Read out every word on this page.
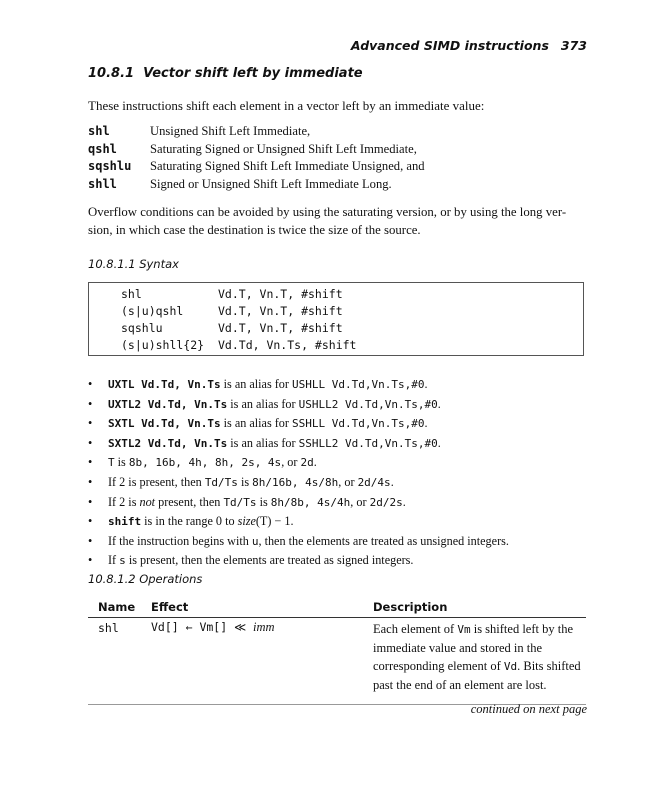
Advanced SIMD instructions 373
10.8.1 Vector shift left by immediate
These instructions shift each element in a vector left by an immediate value:
shl	Unsigned Shift Left Immediate,
qshl	Saturating Signed or Unsigned Shift Left Immediate,
sqshlu	Saturating Signed Shift Left Immediate Unsigned, and
shll	Signed or Unsigned Shift Left Immediate Long.
Overflow conditions can be avoided by using the saturating version, or by using the long ver-
sion, in which case the destination is twice the size of the source.
10.8.1.1 Syntax
shl	Vd.T, Vn.T, #shift
(s|u)qshl	Vd.T, Vn.T, #shift
sqshlu	Vd.T, Vn.T, #shift
(s|u)shll{2} Vd.Td, Vn.Ts, #shift
• UXTL Vd.Td, Vn.Ts is an alias for USHLL Vd.Td,Vn.Ts,#0.
• UXTL2 Vd.Td, Vn.Ts is an alias for USHLL2 Vd.Td,Vn.Ts,#0.
• SXTL Vd.Td, Vn.Ts is an alias for SSHLL Vd.Td,Vn.Ts,#0.
• SXTL2 Vd.Td, Vn.Ts is an alias for SSHLL2 Vd.Td,Vn.Ts,#0.
• T is 8b, 16b, 4h, 8h, 2s, 4s, or 2d.
• If 2 is present, then Td/Ts is 8h/16b, 4s/8h, or 2d/4s.
• If 2 is not present, then Td/Ts is 8h/8b, 4s/4h, or 2d/2s.
• shift is in the range 0 to size(T) − 1.
• If the instruction begins with u, then the elements are treated as unsigned integers.
• If s is present, then the elements are treated as signed integers.
10.8.1.2 Operations
Name Effect	Description
shl	Vd[] ← Vm[] ≪ imm	Each element of Vm is shifted left by the immediate value and stored in the corresponding element of Vd. Bits shifted past the end of an element are lost.
continued on next page
